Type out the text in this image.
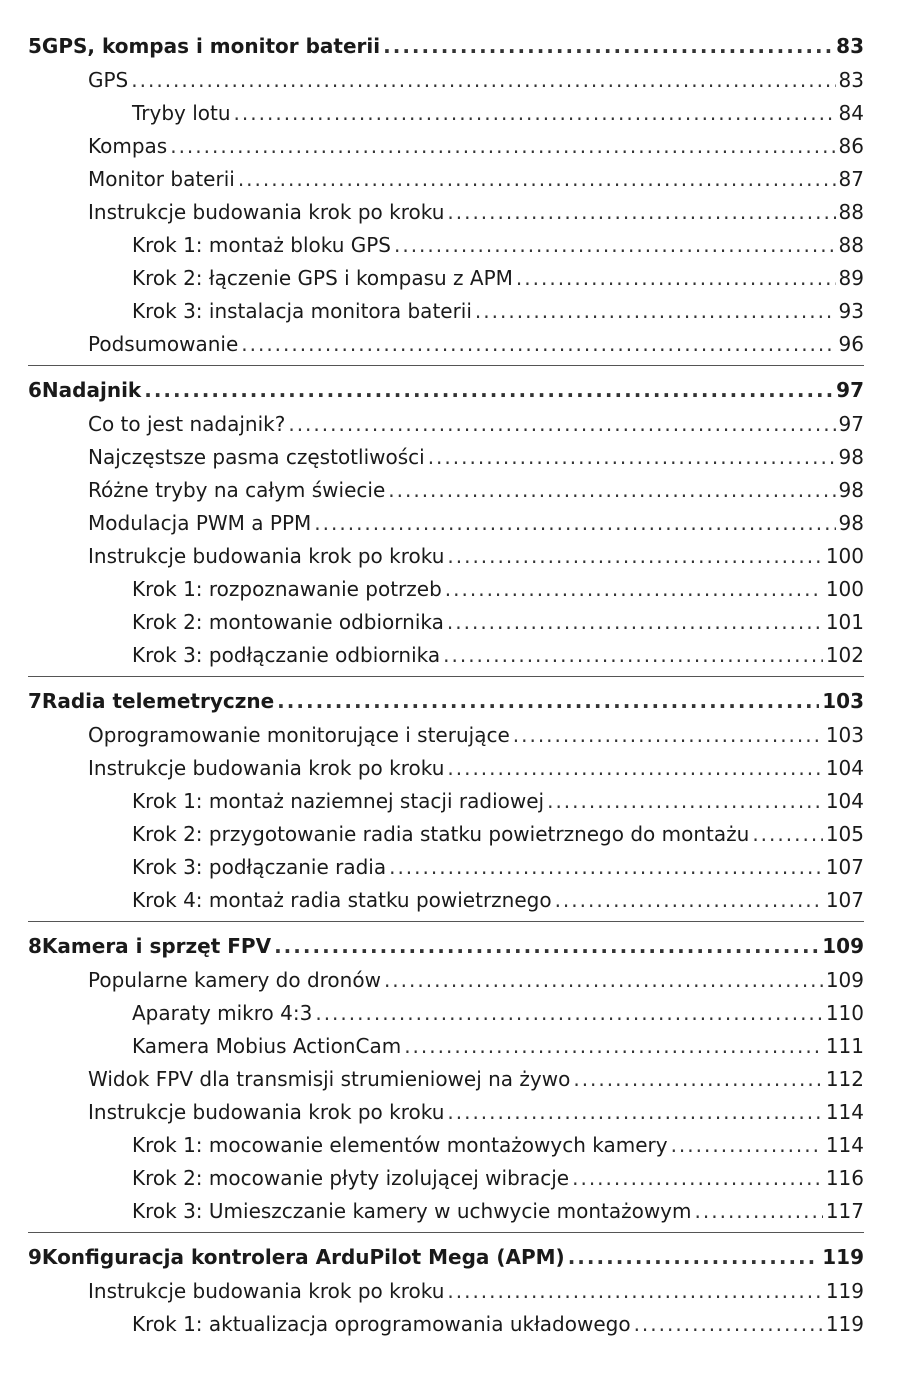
5 GPS, kompas i monitor baterii .....	83
GPS .....	83
Tryby lotu .....	84
Kompas .....	86
Monitor baterii .....	87
Instrukcje budowania krok po kroku .....	88
Krok 1: montaż bloku GPS .....	88
Krok 2: łączenie GPS i kompasu z APM .....	89
Krok 3: instalacja monitora baterii .....	93
Podsumowanie .....	96
6 Nadajnik .....	97
Co to jest nadajnik? .....	97
Najczęstsze pasma częstotliwości .....	98
Różne tryby na całym świecie .....	98
Modulacja PWM a PPM .....	98
Instrukcje budowania krok po kroku .....	100
Krok 1: rozpoznawanie potrzeb .....	100
Krok 2: montowanie odbiornika .....	101
Krok 3: podłączanie odbiornika .....	102
7 Radia telemetryczne .....	103
Oprogramowanie monitorujące i sterujące .....	103
Instrukcje budowania krok po kroku .....	104
Krok 1: montaż naziemnej stacji radiowej .....	104
Krok 2: przygotowanie radia statku powietrznego do montażu .....	105
Krok 3: podłączanie radia .....	107
Krok 4: montaż radia statku powietrznego .....	107
8 Kamera i sprzęt FPV .....	109
Popularne kamery do dronów .....	109
Aparaty mikro 4:3 .....	110
Kamera Mobius ActionCam .....	111
Widok FPV dla transmisji strumieniowej na żywo .....	112
Instrukcje budowania krok po kroku .....	114
Krok 1: mocowanie elementów montażowych kamery .....	114
Krok 2: mocowanie płyty izolującej wibracje .....	116
Krok 3: Umieszczanie kamery w uchwycie montażowym .....	117
9 Konfiguracja kontrolera ArduPilot Mega (APM) .....	119
Instrukcje budowania krok po kroku .....	119
Krok 1: aktualizacja oprogramowania układowego .....	119
